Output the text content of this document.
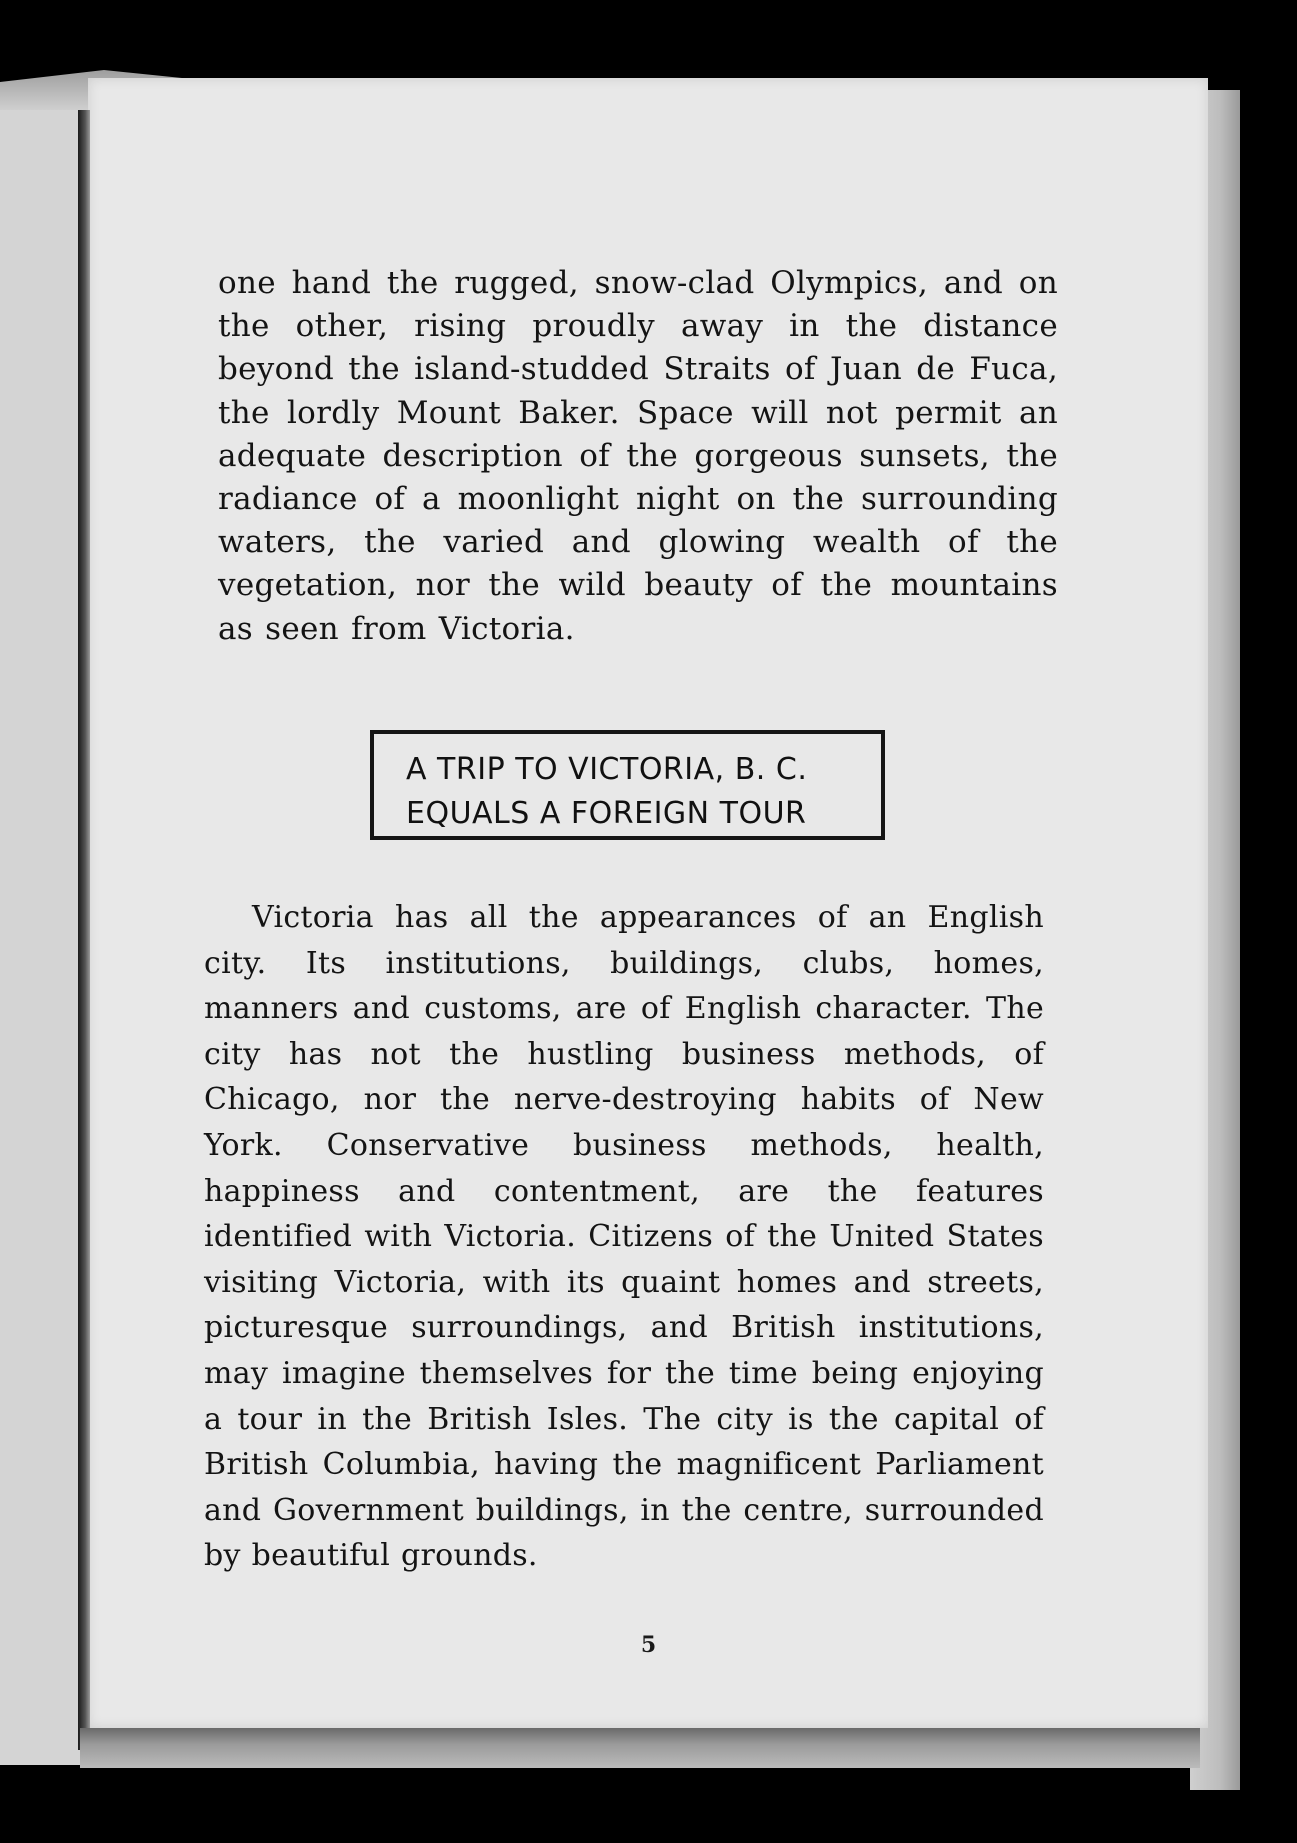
one hand the rugged, snow-clad Olympics, and on the other, rising proudly away in the distance beyond the island-studded Straits of Juan de Fuca, the lordly Mount Baker. Space will not permit an adequate description of the gorgeous sunsets, the radiance of a moonlight night on the surrounding waters, the varied and glowing wealth of the vegetation, nor the wild beauty of the mountains as seen from Victoria.

A TRIP TO VICTORIA, B. C.
EQUALS A FOREIGN TOUR

Victoria has all the appearances of an English city. Its institutions, buildings, clubs, homes, manners and customs, are of English character. The city has not the hustling business methods, of Chicago, nor the nerve-destroying habits of New York. Conservative business methods, health, happiness and contentment, are the features identified with Victoria. Citizens of the United States visiting Victoria, with its quaint homes and streets, picturesque surroundings, and British institutions, may imagine themselves for the time being enjoying a tour in the British Isles. The city is the capital of British Columbia, having the magnificent Parliament and Government buildings, in the centre, surrounded by beautiful grounds.

5
